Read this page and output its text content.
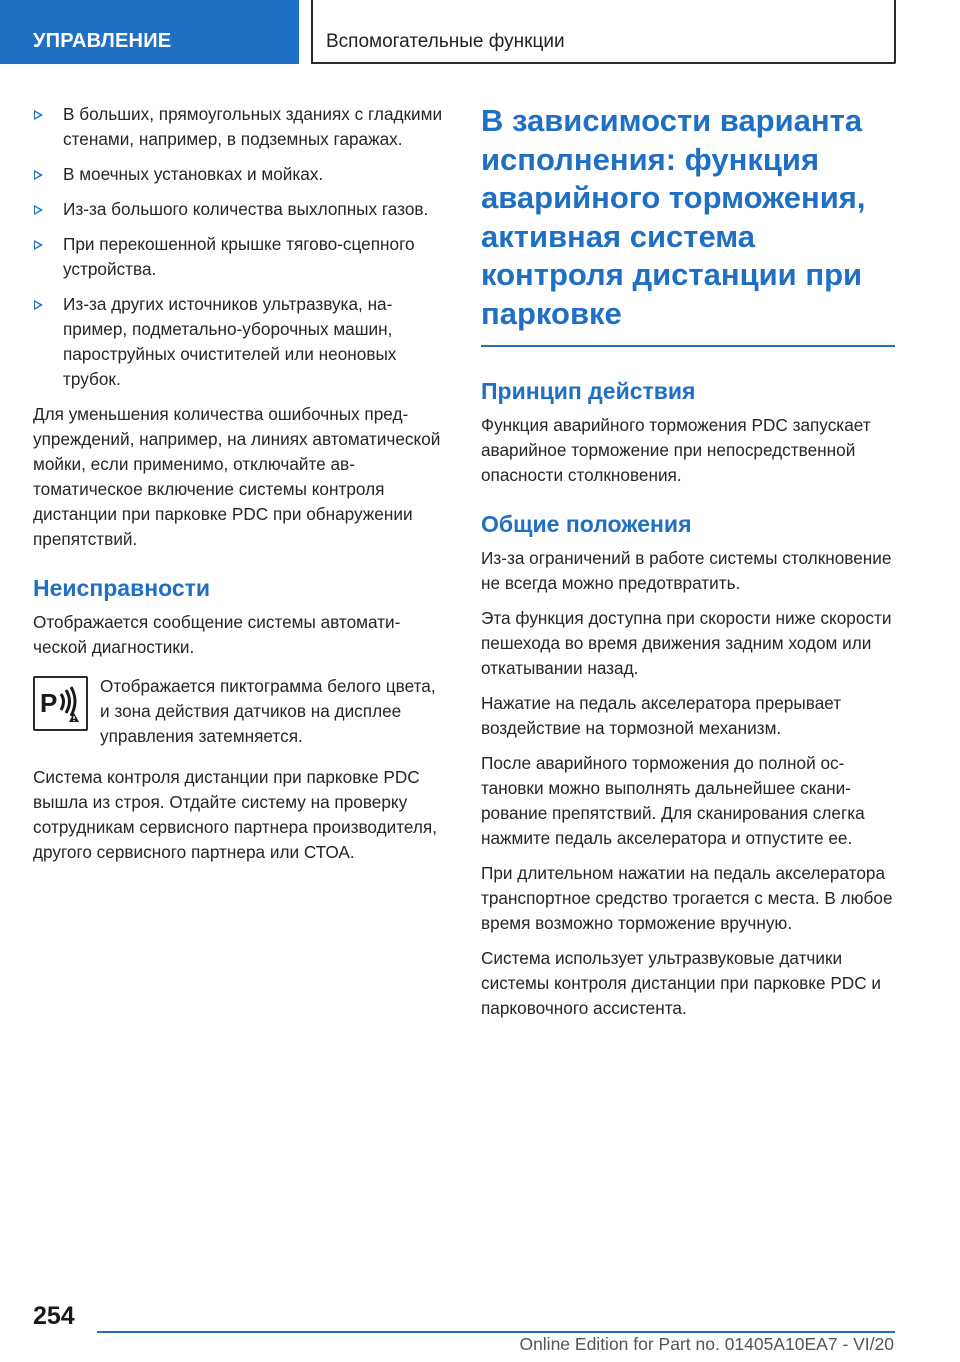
УПРАВЛЕНИЕ	Вспомогательные функции
В больших, прямоугольных зданиях с гладкими стенами, например, в подземных гаражах.
В моечных установках и мойках.
Из-за большого количества выхлопных газов.
При перекошенной крышке тягово-сцепного устройства.
Из-за других источников ультразвука, например, подметально-уборочных машин, пароструйных очистителей или неоновых трубок.

Для уменьшения количества ошибочных предупреждений, например, на линиях автоматической мойки, если применимо, отключайте автоматическое включение системы контроля дистанции при парковке PDC при обнаружении препятствий.

Неисправности

Отображается сообщение системы автоматической диагностики.

P
Отображается пиктограмма белого цвета, и зона действия датчиков на дисплее управления затемняется.

Система контроля дистанции при парковке PDC вышла из строя. Отдайте систему на проверку сотрудникам сервисного партнера производителя, другого сервисного партнера или СТОА.

В зависимости варианта исполнения: функция аварийного торможения, активная система контроля дистанции при парковке
Принцип действия

Функция аварийного торможения PDC запускает аварийное торможение при непосредственной опасности столкновения.

Общие положения

Из-за ограничений в работе системы столкновение не всегда можно предотвратить.

Эта функция доступна при скорости ниже скорости пешехода во время движения задним ходом или откатывании назад.

Нажатие на педаль акселератора прерывает воздействие на тормозной механизм.

После аварийного торможения до полной остановки можно выполнять дальнейшее сканирование препятствий. Для сканирования слегка нажмите педаль акселератора и отпустите ее.

При длительном нажатии на педаль акселератора транспортное средство трогается с места. В любое время возможно торможение вручную.

Система использует ультразвуковые датчики системы контроля дистанции при парковке PDC и парковочного ассистента.

254
Online Edition for Part no. 01405A10EA7 - VI/20
